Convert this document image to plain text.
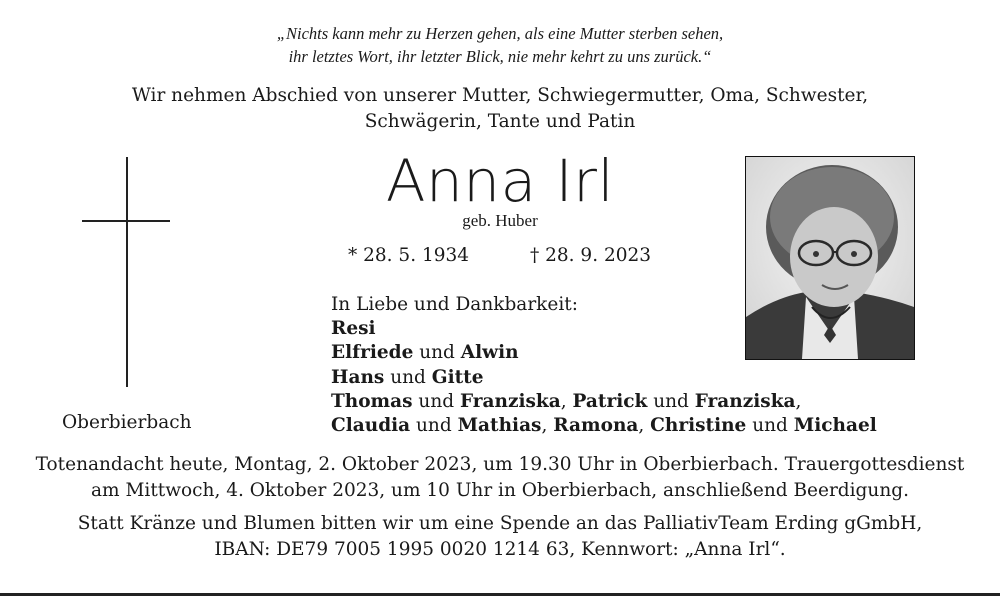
„Nichts kann mehr zu Herzen gehen, als eine Mutter sterben sehen,
ihr letztes Wort, ihr letzter Blick, nie mehr kehrt zu uns zurück.“
Wir nehmen Abschied von unserer Mutter, Schwiegermutter, Oma, Schwester,
Schwägerin, Tante und Patin
Oberbierbach
Anna Irl
geb. Huber
* 28. 5. 1934	† 28. 9. 2023
In Liebe und Dankbarkeit:
Resi
Elfriede und Alwin
Hans und Gitte
Thomas und Franziska, Patrick und Franziska,
Claudia und Mathias, Ramona, Christine und Michael
Totenandacht heute, Montag, 2. Oktober 2023, um 19.30 Uhr in Oberbierbach. Trauergottesdienst
am Mittwoch, 4. Oktober 2023, um 10 Uhr in Oberbierbach, anschließend Beerdigung.
Statt Kränze und Blumen bitten wir um eine Spende an das PalliativTeam Erding gGmbH,
IBAN: DE79 7005 1995 0020 1214 63, Kennwort: „Anna Irl“.
